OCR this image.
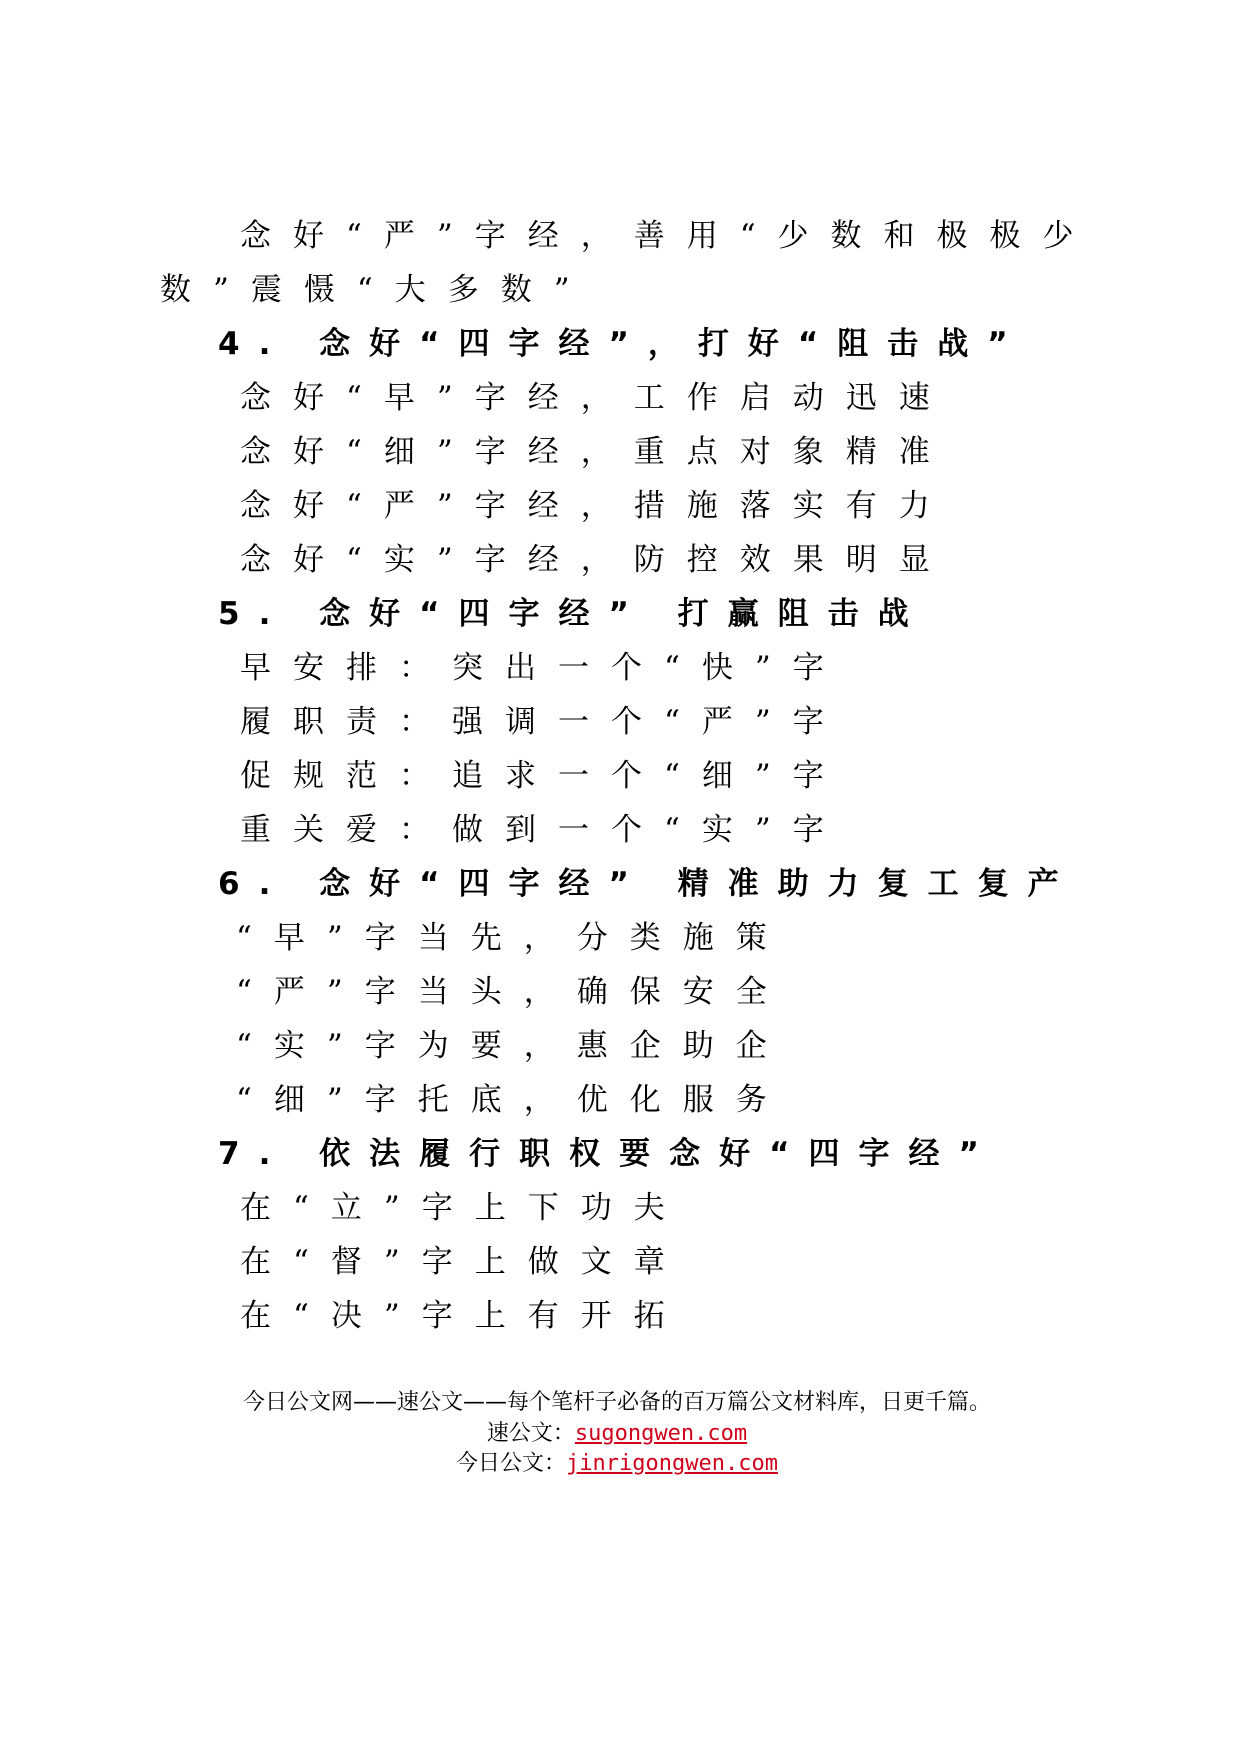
念好“严”字经，善用“少数和极极少
数”震慑“大多数”
4. 念好“四字经”，打好“阻击战”
念好“早”字经，工作启动迅速
念好“细”字经，重点对象精准
念好“严”字经，措施落实有力
念好“实”字经，防控效果明显
5. 念好“四字经” 打赢阻击战
早安排：突出一个“快”字
履职责：强调一个“严”字
促规范：追求一个“细”字
重关爱：做到一个“实”字
6. 念好“四字经” 精准助力复工复产
“早”字当先，分类施策
“严”字当头，确保安全
“实”字为要，惠企助企
“细”字托底，优化服务
7. 依法履行职权要念好“四字经”
在“立”字上下功夫
在“督”字上做文章
在“决”字上有开拓
今日公文网——速公文——每个笔杆子必备的百万篇公文材料库，日更千篇。
速公文：sugongwen.com
今日公文：jinrigongwen.com
